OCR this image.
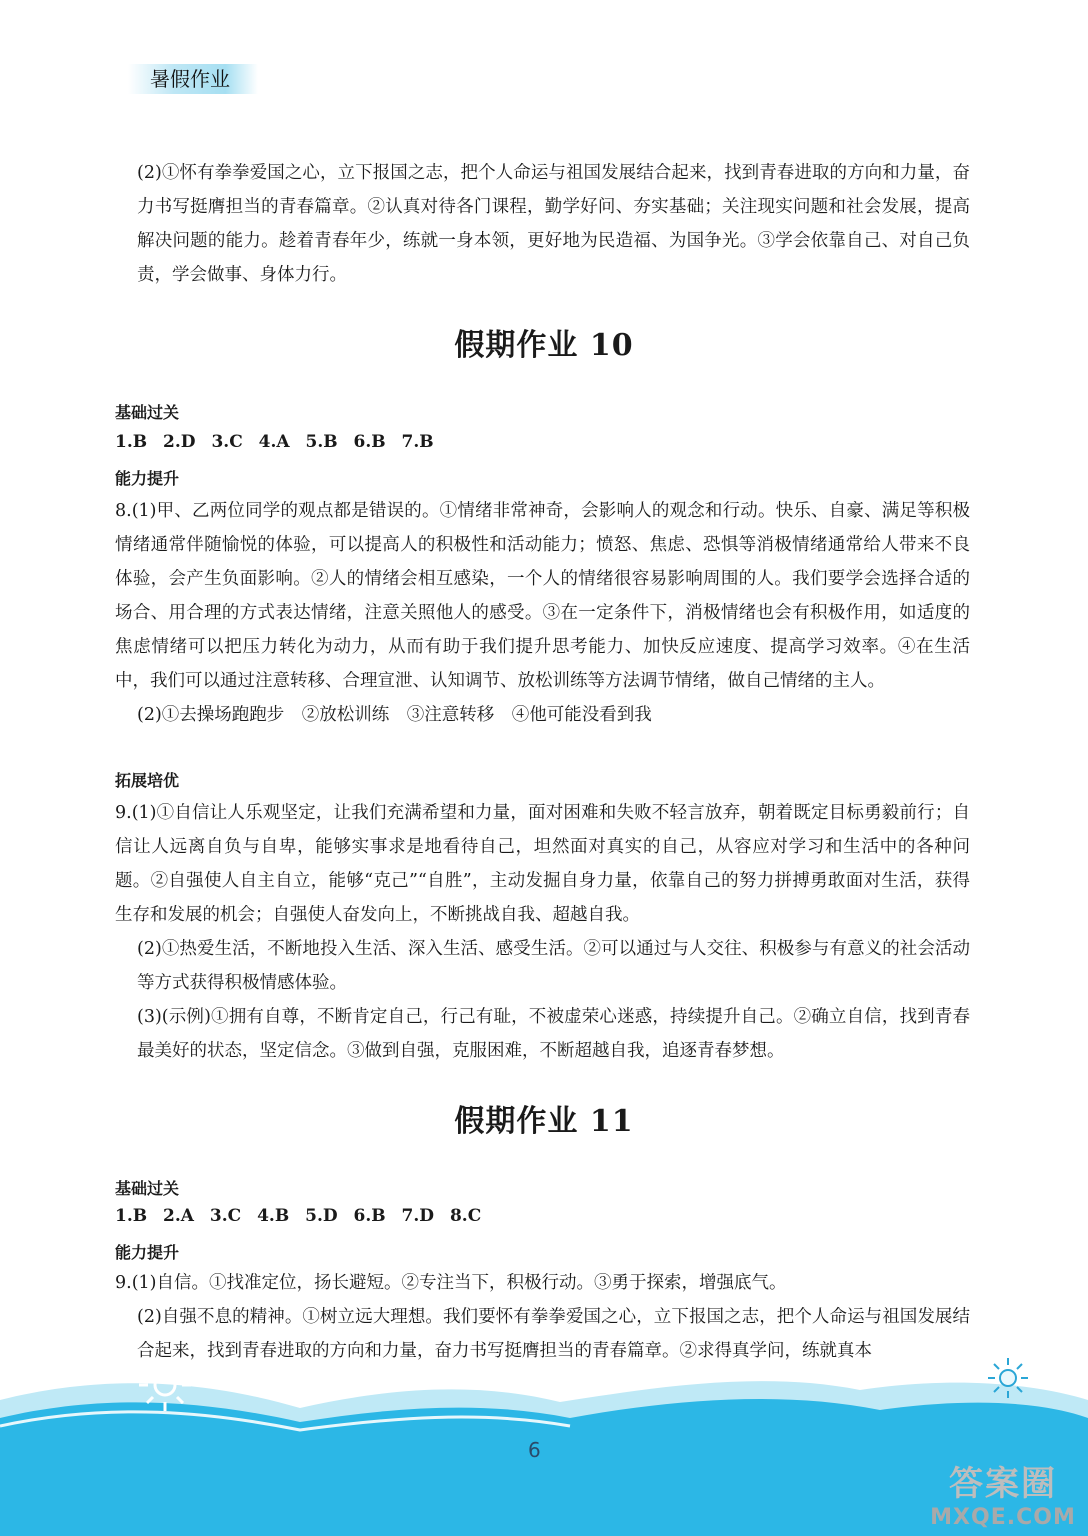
暑假作业

(2)①怀有拳拳爱国之心，立下报国之志，把个人命运与祖国发展结合起来，找到青春进取的方向和力量，奋力书写挺膺担当的青春篇章。②认真对待各门课程，勤学好问、夯实基础；关注现实问题和社会发展，提高解决问题的能力。趁着青春年少，练就一身本领，更好地为民造福、为国争光。③学会依靠自己、对自己负责，学会做事、身体力行。

假期作业 10
基础过关
1.B 2.D 3.C 4.A 5.B 6.B 7.B
能力提升

8.(1)甲、乙两位同学的观点都是错误的。①情绪非常神奇，会影响人的观念和行动。快乐、自豪、满足等积极情绪通常伴随愉悦的体验，可以提高人的积极性和活动能力；愤怒、焦虑、恐惧等消极情绪通常给人带来不良体验，会产生负面影响。②人的情绪会相互感染，一个人的情绪很容易影响周围的人。我们要学会选择合适的场合、用合理的方式表达情绪，注意关照他人的感受。③在一定条件下，消极情绪也会有积极作用，如适度的焦虑情绪可以把压力转化为动力，从而有助于我们提升思考能力、加快反应速度、提高学习效率。④在生活中，我们可以通过注意转移、合理宣泄、认知调节、放松训练等方法调节情绪，做自己情绪的主人。

(2)①去操场跑跑步　②放松训练　③注意转移　④他可能没看到我

拓展培优

9.(1)①自信让人乐观坚定，让我们充满希望和力量，面对困难和失败不轻言放弃，朝着既定目标勇毅前行；自信让人远离自负与自卑，能够实事求是地看待自己，坦然面对真实的自己，从容应对学习和生活中的各种问题。②自强使人自主自立，能够“克己”“自胜”，主动发掘自身力量，依靠自己的努力拼搏勇敢面对生活，获得生存和发展的机会；自强使人奋发向上，不断挑战自我、超越自我。

(2)①热爱生活，不断地投入生活、深入生活、感受生活。②可以通过与人交往、积极参与有意义的社会活动等方式获得积极情感体验。

(3)(示例)①拥有自尊，不断肯定自己，行己有耻，不被虚荣心迷惑，持续提升自己。②确立自信，找到青春最美好的状态，坚定信念。③做到自强，克服困难，不断超越自我，追逐青春梦想。

假期作业 11
基础过关
1.B 2.A 3.C 4.B 5.D 6.B 7.D 8.C
能力提升

9.(1)自信。①找准定位，扬长避短。②专注当下，积极行动。③勇于探索，增强底气。

(2)自强不息的精神。①树立远大理想。我们要怀有拳拳爱国之心，立下报国之志，把个人命运与祖国发展结合起来，找到青春进取的方向和力量，奋力书写挺膺担当的青春篇章。②求得真学问，练就真本

6
答案圈
MXQE.COM
